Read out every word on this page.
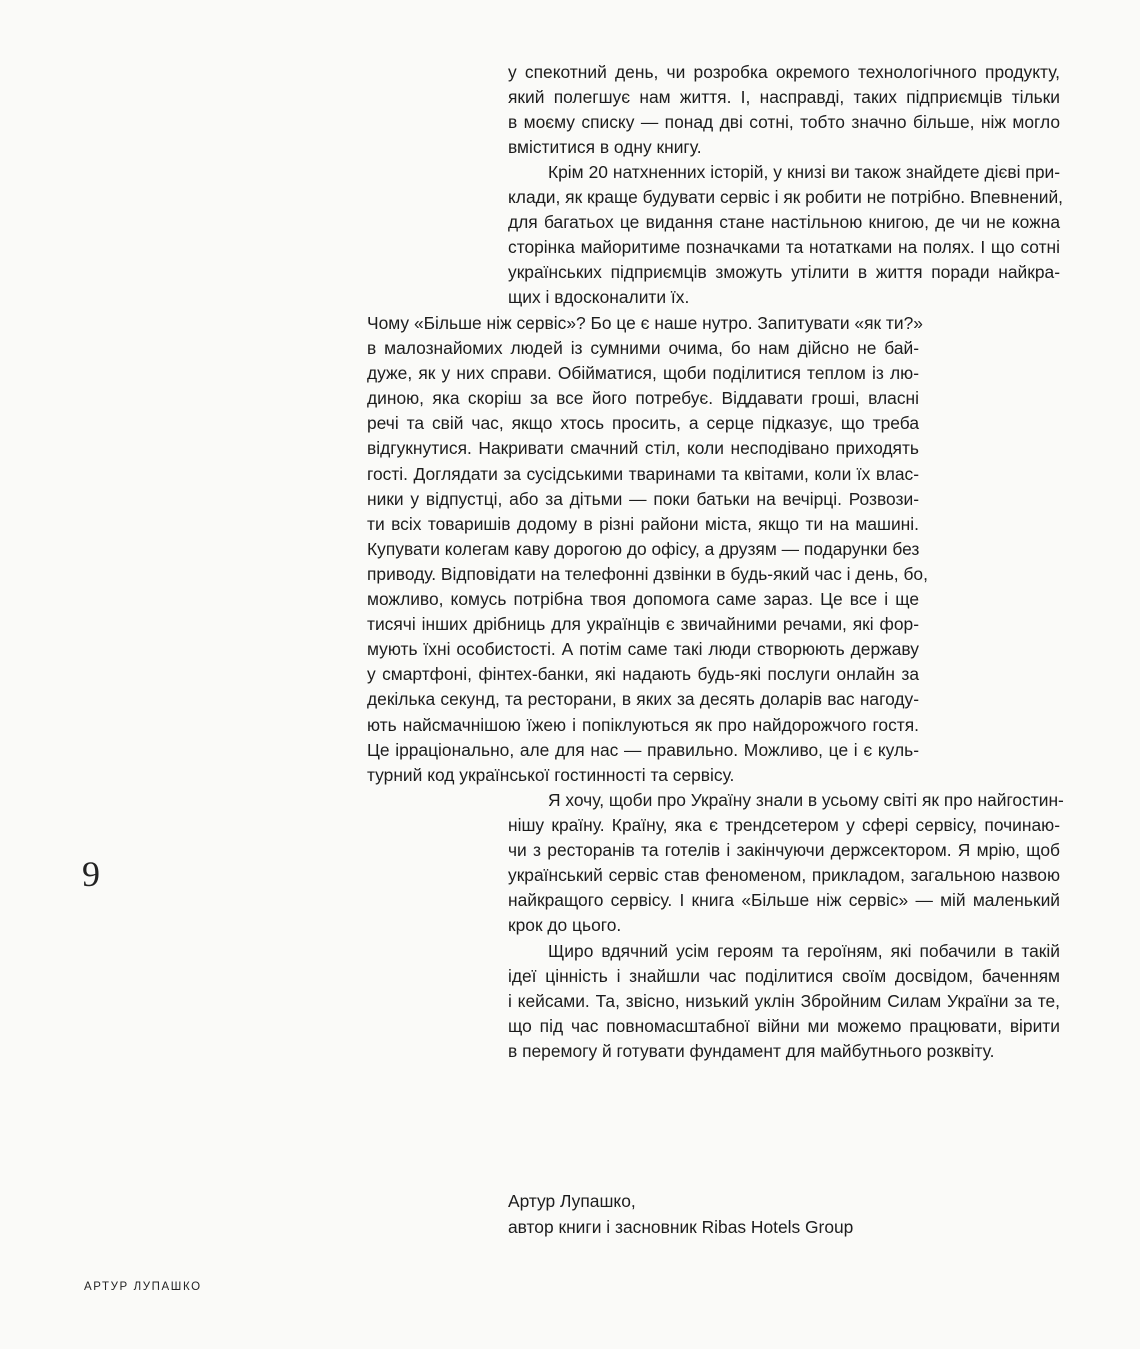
у спекотний день, чи розробка окремого технологічного продукту,
який полегшує нам життя. І, насправді, таких підприємців тільки
в моєму списку — понад дві сотні, тобто значно більше, ніж могло
вміститися в одну книгу.
Крім 20 натхненних історій, у книзі ви також знайдете дієві при-
клади, як краще будувати сервіс і як робити не потрібно. Впевнений,
для багатьох це видання стане настільною книгою, де чи не кожна
сторінка майоритиме позначками та нотатками на полях. І що сотні
українських підприємців зможуть утілити в життя поради найкра-
щих і вдосконалити їх.
Чому «Більше ніж сервіс»? Бо це є наше нутро. Запитувати «як ти?»
в малознайомих людей із сумними очима, бо нам дійсно не бай-
дуже, як у них справи. Обійматися, щоби поділитися теплом із лю-
диною, яка скоріш за все його потребує. Віддавати гроші, власні
речі та свій час, якщо хтось просить, а серце підказує, що треба
відгукнутися. Накривати смачний стіл, коли несподівано приходять
гості. Доглядати за сусідськими тваринами та квітами, коли їх влас-
ники у відпустці, або за дітьми — поки батьки на вечірці. Розвози-
ти всіх товаришів додому в різні райони міста, якщо ти на машині.
Купувати колегам каву дорогою до офісу, а друзям — подарунки без
приводу. Відповідати на телефонні дзвінки в будь-який час і день, бо,
можливо, комусь потрібна твоя допомога саме зараз. Це все і ще
тисячі інших дрібниць для українців є звичайними речами, які фор-
мують їхні особистості. А потім саме такі люди створюють державу
у смартфоні, фінтех-банки, які надають будь-які послуги онлайн за
декілька секунд, та ресторани, в яких за десять доларів вас нагоду-
ють найсмачнішою їжею і попіклуються як про найдорожчого гостя.
Це ірраціонально, але для нас — правильно. Можливо, це і є куль-
турний код української гостинності та сервісу.
Я хочу, щоби про Україну знали в усьому світі як про найгостин-
нішу країну. Країну, яка є трендсетером у сфері сервісу, починаю-
чи з ресторанів та готелів і закінчуючи держсектором. Я мрію, щоб
український сервіс став феноменом, прикладом, загальною назвою
найкращого сервісу. І книга «Більше ніж сервіс» — мій маленький
крок до цього.
Щиро вдячний усім героям та героїням, які побачили в такій
ідеї цінність і знайшли час поділитися своїм досвідом, баченням
і кейсами. Та, звісно, низький уклін Збройним Силам України за те,
що під час повномасштабної війни ми можемо працювати, вірити
в перемогу й готувати фундамент для майбутнього розквіту.
9
Артур Лупашко,
автор книги і засновник Ribas Hotels Group
АРТУР ЛУПАШКО
